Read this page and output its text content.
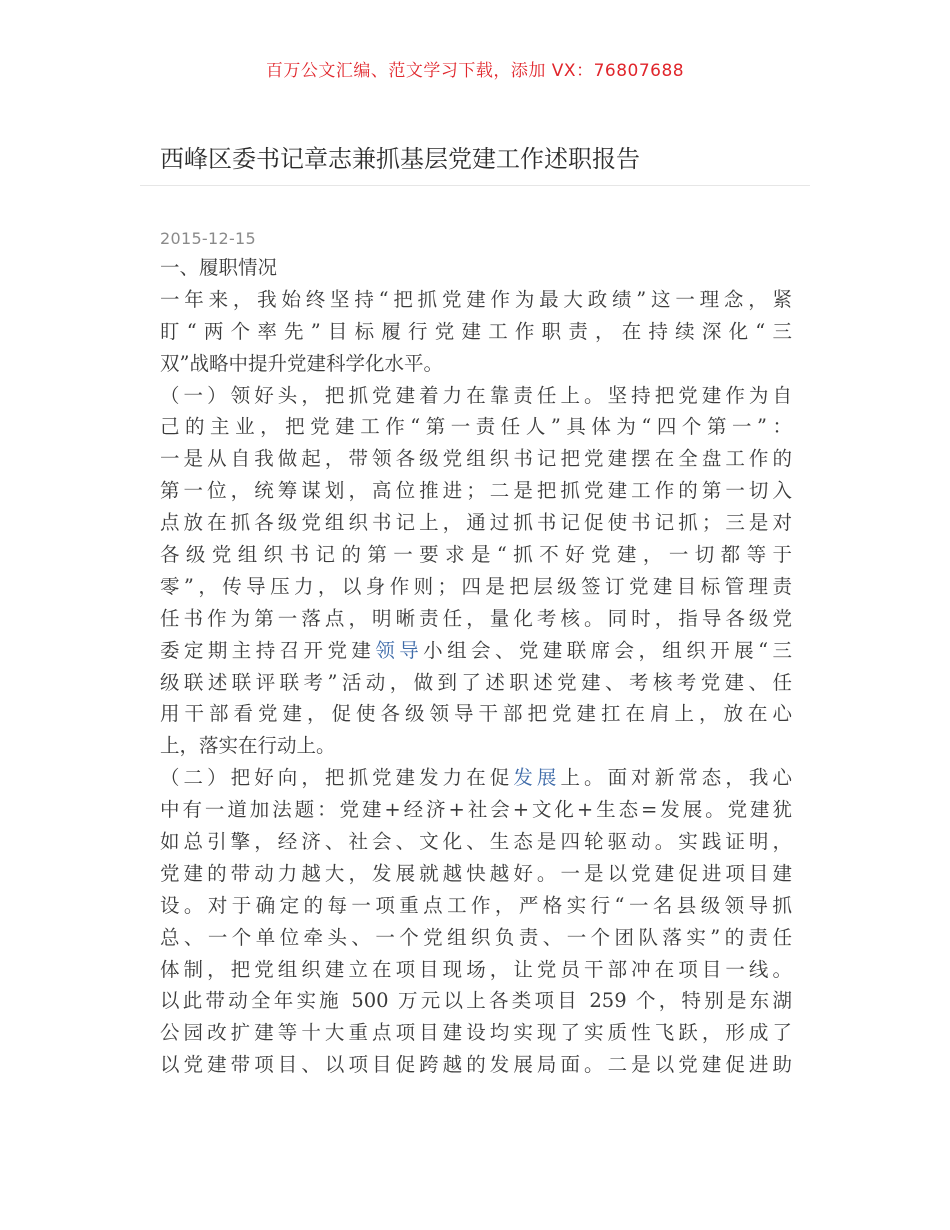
百万公文汇编、范文学习下载，添加 VX：76807688
西峰区委书记章志兼抓基层党建工作述职报告
2015-12-15
一、履职情况
一年来，我始终坚持“把抓党建作为最大政绩”这一理念，紧
盯“两个率先”目标履行党建工作职责，在持续深化“三
双”战略中提升党建科学化水平。
（一）领好头，把抓党建着力在靠责任上。坚持把党建作为自
己的主业，把党建工作“第一责任人”具体为“四个第一”：
一是从自我做起，带领各级党组织书记把党建摆在全盘工作的
第一位，统筹谋划，高位推进；二是把抓党建工作的第一切入
点放在抓各级党组织书记上，通过抓书记促使书记抓；三是对
各级党组织书记的第一要求是“抓不好党建，一切都等于
零”，传导压力，以身作则；四是把层级签订党建目标管理责
任书作为第一落点，明晰责任，量化考核。同时，指导各级党
委定期主持召开党建领导小组会、党建联席会，组织开展“三
级联述联评联考”活动，做到了述职述党建、考核考党建、任
用干部看党建，促使各级领导干部把党建扛在肩上，放在心
上，落实在行动上。
（二）把好向，把抓党建发力在促发展上。面对新常态，我心
中有一道加法题：党建+经济+社会+文化+生态=发展。党建犹
如总引擎，经济、社会、文化、生态是四轮驱动。实践证明，
党建的带动力越大，发展就越快越好。一是以党建促进项目建
设。对于确定的每一项重点工作，严格实行“一名县级领导抓
总、一个单位牵头、一个党组织负责、一个团队落实”的责任
体制，把党组织建立在项目现场，让党员干部冲在项目一线。
以此带动全年实施 500 万元以上各类项目 259 个，特别是东湖
公园改扩建等十大重点项目建设均实现了实质性飞跃，形成了
以党建带项目、以项目促跨越的发展局面。二是以党建促进助
